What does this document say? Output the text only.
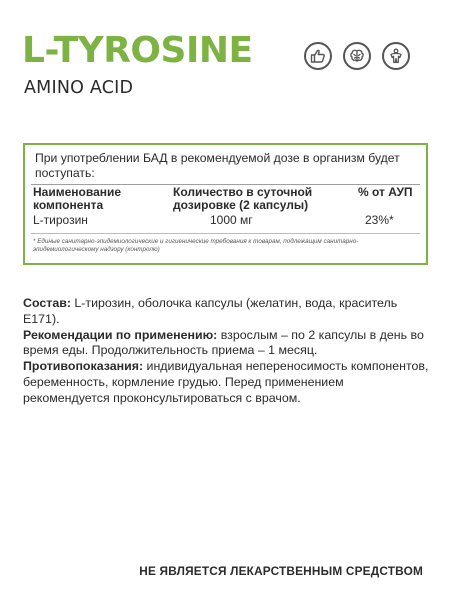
L-TYROSINE
AMINO ACID
При употреблении БАД в рекомендуемой дозе в организм будет поступать:
Наименование компонента
Количество в суточной дозировке (2 капсулы)
% от АУП
L-тирозин	1000 мг	23%*
* Единые санитарно-эпидемиологические и гигиенические требования к товарам, подлежащим санитарно-эпидемиологическому надзору (контролю)

Состав: L-тирозин, оболочка капсулы (желатин, вода, краситель Е171).

Рекомендации по применению: взрослым – по 2 капсулы в день во время еды. Продолжительность приема – 1 месяц.

Противопоказания: индивидуальная непереносимость компонентов, беременность, кормление грудью. Перед применением рекомендуется проконсультироваться с врачом.

НЕ ЯВЛЯЕТСЯ ЛЕКАРСТВЕННЫМ СРЕДСТВОМ
